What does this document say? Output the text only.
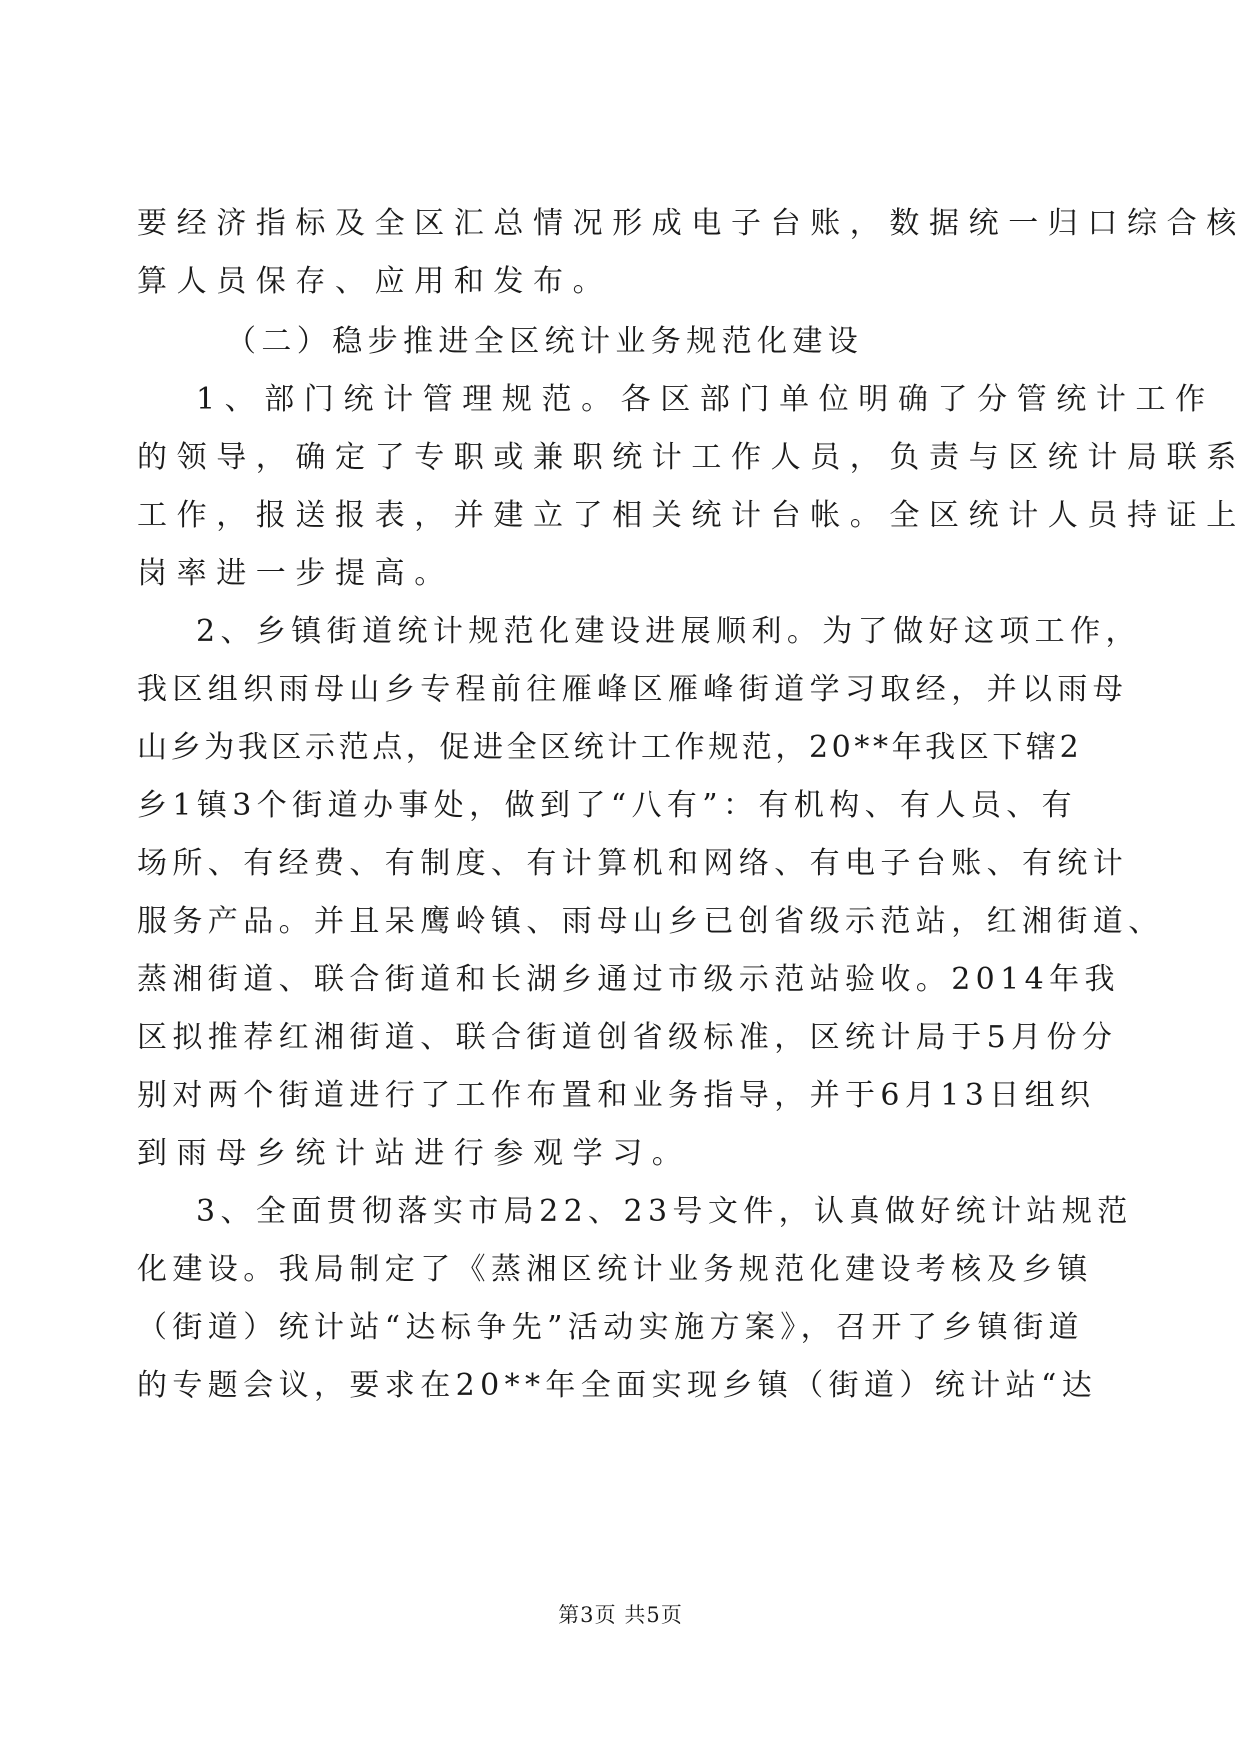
要经济指标及全区汇总情况形成电子台账，数据统一归口综合核
算人员保存、应用和发布。
（二）稳步推进全区统计业务规范化建设
1、部门统计管理规范。各区部门单位明确了分管统计工作
的领导，确定了专职或兼职统计工作人员，负责与区统计局联系
工作，报送报表，并建立了相关统计台帐。全区统计人员持证上
岗率进一步提高。
2、乡镇街道统计规范化建设进展顺利。为了做好这项工作，
我区组织雨母山乡专程前往雁峰区雁峰街道学习取经，并以雨母
山乡为我区示范点，促进全区统计工作规范，20**年我区下辖2
乡1镇3个街道办事处，做到了“八有”：有机构、有人员、有
场所、有经费、有制度、有计算机和网络、有电子台账、有统计
服务产品。并且呆鹰岭镇、雨母山乡已创省级示范站，红湘街道、
蒸湘街道、联合街道和长湖乡通过市级示范站验收。2014年我
区拟推荐红湘街道、联合街道创省级标准，区统计局于5月份分
别对两个街道进行了工作布置和业务指导，并于6月13日组织
到雨母乡统计站进行参观学习。
3、全面贯彻落实市局22、23号文件，认真做好统计站规范
化建设。我局制定了《蒸湘区统计业务规范化建设考核及乡镇
（街道）统计站“达标争先”活动实施方案》，召开了乡镇街道
的专题会议，要求在20**年全面实现乡镇（街道）统计站“达
第3页 共5页
